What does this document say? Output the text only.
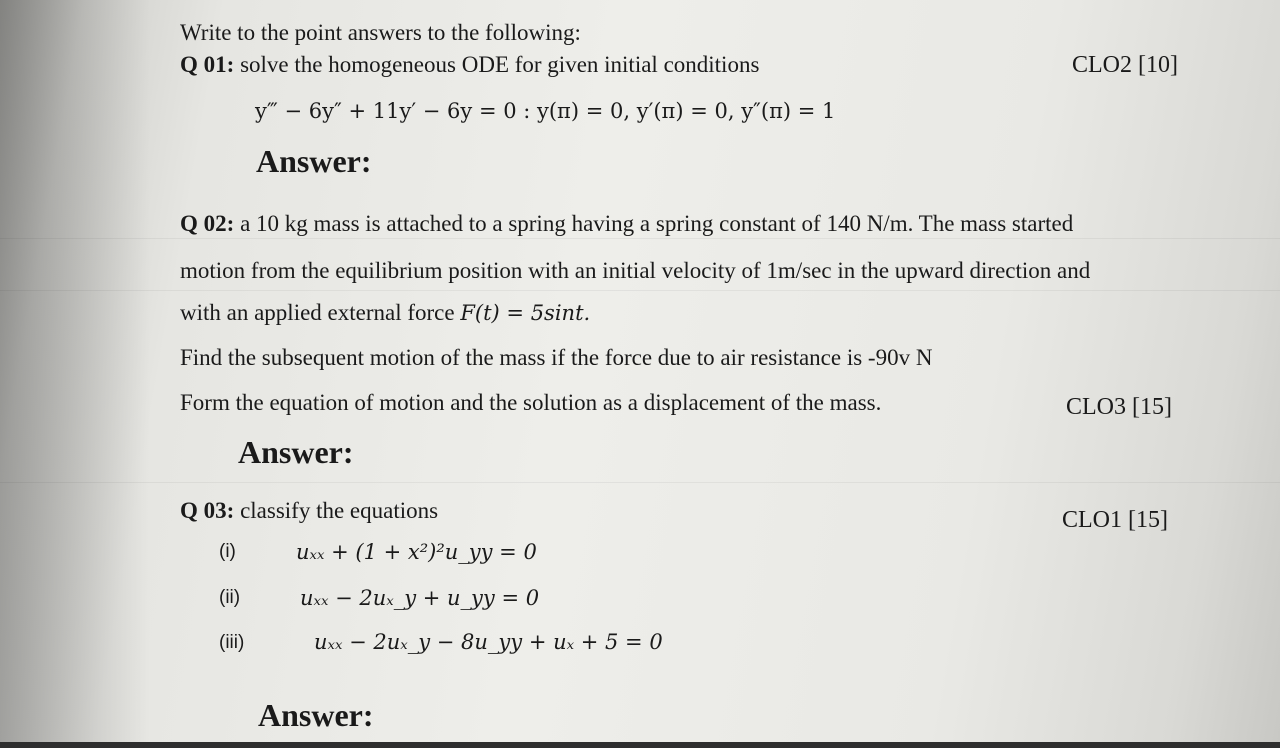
Write to the point answers to the following:
Q 01: solve the homogeneous ODE for given initial conditions	CLO2 [10]
y‴ − 6y″ + 11y′ − 6y = 0 : y(π) = 0, y′(π) = 0, y″(π) = 1
Answer:
Q 02: a 10 kg mass is attached to a spring having a spring constant of 140 N/m. The mass started
motion from the equilibrium position with an initial velocity of 1m/sec in the upward direction and
with an applied external force F(t) = 5sint.
Find the subsequent motion of the mass if the force due to air resistance is -90v N
Form the equation of motion and the solution as a displacement of the mass.	CLO3 [15]
Answer:
Q 03: classify the equations	CLO1 [15]
(i)	uₓₓ + (1 + x²)²u_yy = 0
(ii)	uₓₓ − 2uₓ_y + u_yy = 0
(iii)	uₓₓ − 2uₓ_y − 8u_yy + uₓ + 5 = 0
Answer:
